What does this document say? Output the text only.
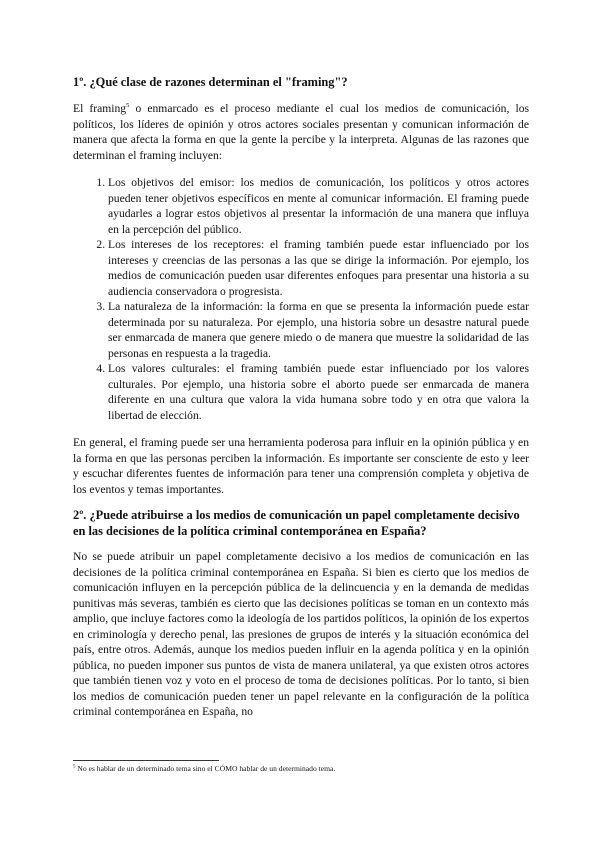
1º. ¿Qué clase de razones determinan el "framing"?

El framing$^5$ o enmarcado es el proceso mediante el cual los medios de comunicación, los políticos, los líderes de opinión y otros actores sociales presentan y comunican información de manera que afecta la forma en que la gente la percibe y la interpreta. Algunas de las razones que determinan el framing incluyen:

1. Los objetivos del emisor: los medios de comunicación, los políticos y otros actores pueden tener objetivos específicos en mente al comunicar información. El framing puede ayudarles a lograr estos objetivos al presentar la información de una manera que influya en la percepción del público.
2. Los intereses de los receptores: el framing también puede estar influenciado por los intereses y creencias de las personas a las que se dirige la información. Por ejemplo, los medios de comunicación pueden usar diferentes enfoques para presentar una historia a su audiencia conservadora o progresista.
3. La naturaleza de la información: la forma en que se presenta la información puede estar determinada por su naturaleza. Por ejemplo, una historia sobre un desastre natural puede ser enmarcada de manera que genere miedo o de manera que muestre la solidaridad de las personas en respuesta a la tragedia.
4. Los valores culturales: el framing también puede estar influenciado por los valores culturales. Por ejemplo, una historia sobre el aborto puede ser enmarcada de manera diferente en una cultura que valora la vida humana sobre todo y en otra que valora la libertad de elección.

En general, el framing puede ser una herramienta poderosa para influir en la opinión pública y en la forma en que las personas perciben la información. Es importante ser consciente de esto y leer y escuchar diferentes fuentes de información para tener una comprensión completa y objetiva de los eventos y temas importantes.

2º. ¿Puede atribuirse a los medios de comunicación un papel completamente decisivo en las decisiones de la política criminal contemporánea en España?

No se puede atribuir un papel completamente decisivo a los medios de comunicación en las decisiones de la política criminal contemporánea en España. Si bien es cierto que los medios de comunicación influyen en la percepción pública de la delincuencia y en la demanda de medidas punitivas más severas, también es cierto que las decisiones políticas se toman en un contexto más amplio, que incluye factores como la ideología de los partidos políticos, la opinión de los expertos en criminología y derecho penal, las presiones de grupos de interés y la situación económica del país, entre otros. Además, aunque los medios pueden influir en la agenda política y en la opinión pública, no pueden imponer sus puntos de vista de manera unilateral, ya que existen otros actores que también tienen voz y voto en el proceso de toma de decisiones políticas. Por lo tanto, si bien los medios de comunicación pueden tener un papel relevante en la configuración de la política criminal contemporánea en España, no

$^5$ No es hablar de un determinado tema sino el CÓMO hablar de un determinado tema.
